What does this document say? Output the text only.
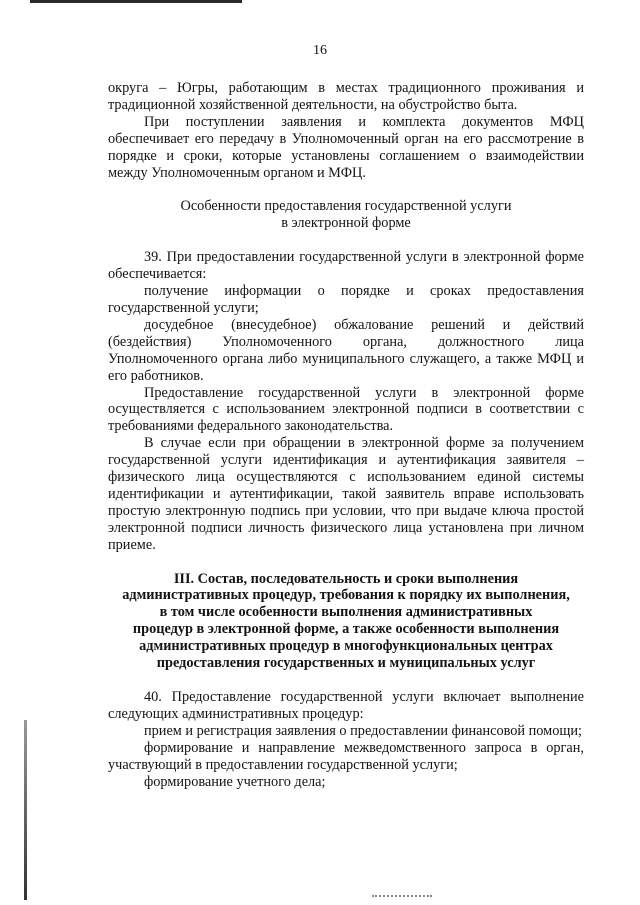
16

округа – Югры, работающим в местах традиционного проживания и традиционной хозяйственной деятельности, на обустройство быта.

При поступлении заявления и комплекта документов МФЦ обеспечивает его передачу в Уполномоченный орган на его рассмотрение в порядке и сроки, которые установлены соглашением о взаимодействии между Уполномоченным органом и МФЦ.

Особенности предоставления государственной услуги

в электронной форме

39. При предоставлении государственной услуги в электронной форме обеспечивается:

получение информации о порядке и сроках предоставления государственной услуги;

досудебное (внесудебное) обжалование решений и действий (бездействия) Уполномоченного органа, должностного лица Уполномоченного органа либо муниципального служащего, а также МФЦ и его работников.

Предоставление государственной услуги в электронной форме осуществляется с использованием электронной подписи в соответствии с требованиями федерального законодательства.

В случае если при обращении в электронной форме за получением государственной услуги идентификация и аутентификация заявителя – физического лица осуществляются с использованием единой системы идентификации и аутентификации, такой заявитель вправе использовать простую электронную подпись при условии, что при выдаче ключа простой электронной подписи личность физического лица установлена при личном приеме.

III. Состав, последовательность и сроки выполнения

административных процедур, требования к порядку их выполнения,

в том числе особенности выполнения административных

процедур в электронной форме, а также особенности выполнения

административных процедур в многофункциональных центрах

предоставления государственных и муниципальных услуг

40. Предоставление государственной услуги включает выполнение следующих административных процедур:

прием и регистрация заявления о предоставлении финансовой помощи;

формирование и направление межведомственного запроса в орган, участвующий в предоставлении государственной услуги;

формирование учетного дела;
